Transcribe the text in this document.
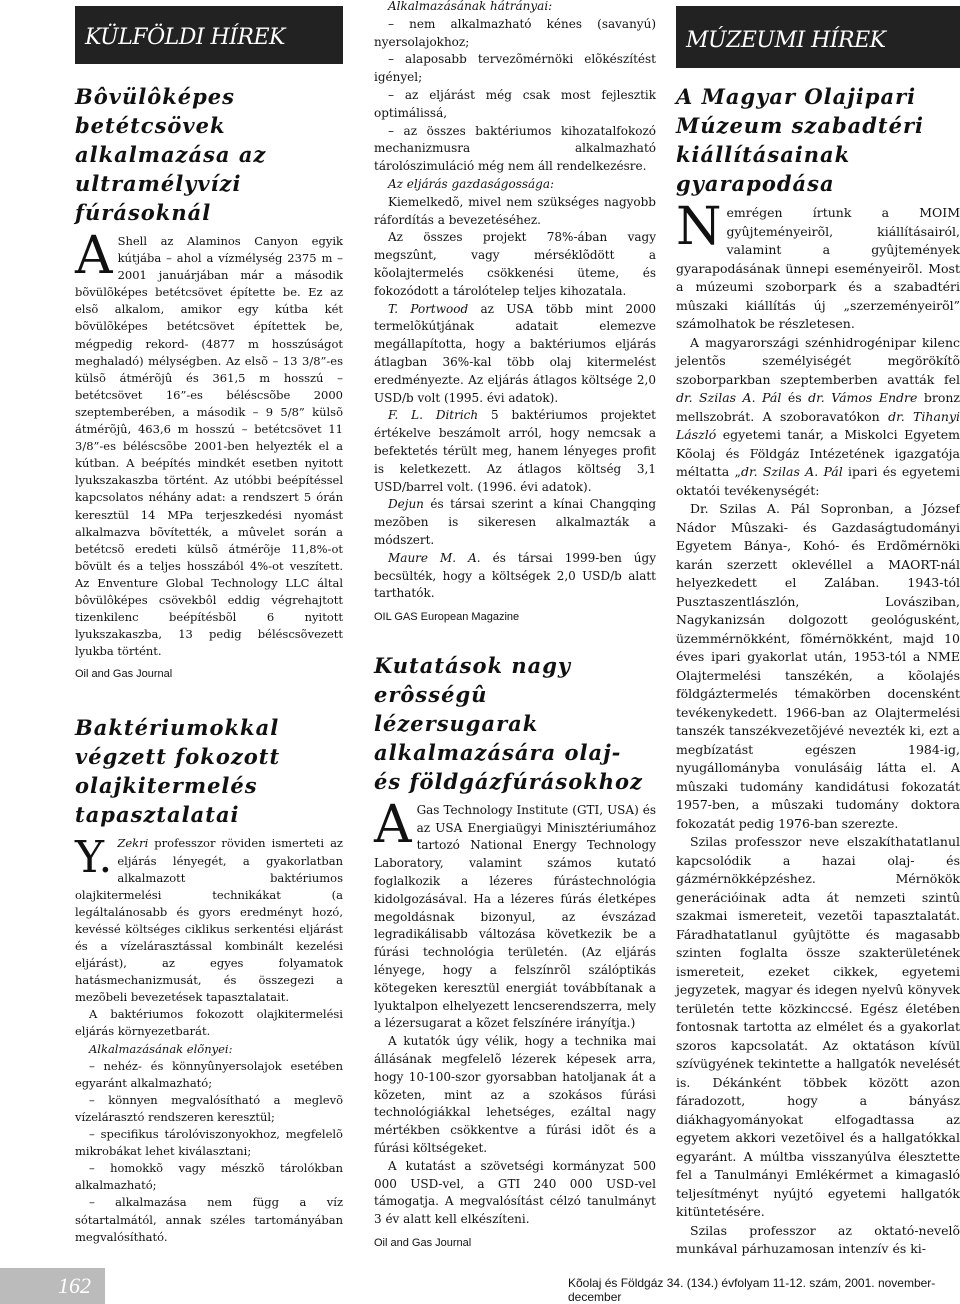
KÜLFÖLDI HÍREK
Bôvülôképes betétcsövek alkalmazása az ultramélyvízi fúrásoknál

A Shell az Alaminos Canyon egyik kútjába – ahol a vízmélység 2375 m – 2001 januárjában már a második bõvülõképes betétcsövet építette be. Ez az elsõ alkalom, amikor egy kútba két bõvülõképes betétcsövet építettek be, mégpedig rekord- (4877 m hosszúságot meghaladó) mélységben. Az elsõ – 13 3/8”-es külsõ átmérõjû és 361,5 m hosszú – betétcsövet 16”-es béléscsõbe 2000 szeptemberében, a második – 9 5/8” külsõ átmérõjû, 463,6 m hosszú – betétcsövet 11 3/8”-es béléscsõbe 2001-ben helyezték el a kútban. A beépítés mindkét esetben nyitott lyukszakaszba történt. Az utóbbi beépítéssel kapcsolatos néhány adat: a rendszert 5 órán keresztül 14 MPa terjeszkedési nyomást alkalmazva bõvítették, a mûvelet során a betétcsõ eredeti külsõ átmérõje 11,8%-ot bõvült és a teljes hosszából 4%-ot veszített. Az Enventure Global Technology LLC által bôvülôképes csövekbôl eddig végrehajtott tizenkilenc beépítésbõl 6 nyitott lyukszakaszba, 13 pedig béléscsõvezett lyukba történt.

Oil and Gas Journal

Baktériumokkal végzett fokozott olajkitermelés tapasztalatai

Y. Zekri professzor röviden ismerteti az eljárás lényegét, a gyakorlatban alkalmazott baktériumos olajkitermelési technikákat (a legáltalánosabb és gyors eredményt hozó, kevéssé költséges ciklikus serkentési eljárást és a vízelárasztással kombinált kezelési eljárást), az egyes folyamatok hatásmechanizmusát, és összegezi a mezõbeli bevezetések tapasztalatait.

A baktériumos fokozott olajkitermelési eljárás környezetbarát.

Alkalmazásának elõnyei:

– nehéz- és könnyûnyersolajok esetében egyaránt alkalmazható;

– könnyen megvalósítható a meglevõ vízelárasztó rendszeren keresztül;

– specifikus tárolóviszonyokhoz, megfelelõ mikrobákat lehet kiválasztani;

– homokkõ vagy mészkõ tárolókban alkalmazható;

– alkalmazása nem függ a víz sótartalmától, annak széles tartományában megvalósítható.

Alkalmazásának hátrányai:

– nem alkalmazható kénes (savanyú) nyersolajokhoz;

– alaposabb tervezõmérnöki elõkészítést igényel;

– az eljárást még csak most fejlesztik optimálissá,

– az összes baktériumos kihozatalfokozó mechanizmusra alkalmazható tárolószimuláció még nem áll rendelkezésre.

Az eljárás gazdaságossága:

Kiemelkedõ, mivel nem szükséges nagyobb ráfordítás a bevezetéséhez.

Az összes projekt 78%-ában vagy megszûnt, vagy mérséklõdött a kõolajtermelés csökkenési üteme, és fokozódott a tárolótelep teljes kihozatala.

T. Portwood az USA több mint 2000 termelõkútjának adatait elemezve megállapította, hogy a baktériumos eljárás átlagban 36%-kal több olaj kitermelést eredményezte. Az eljárás átlagos költsége 2,0 USD/b volt (1995. évi adatok).

F. L. Ditrich 5 baktériumos projektet értékelve beszámolt arról, hogy nemcsak a befektetés térült meg, hanem lényeges profit is keletkezett. Az átlagos költség 3,1 USD/barrel volt. (1996. évi adatok).

Dejun és társai szerint a kínai Changqing mezõben is sikeresen alkalmazták a módszert.

Maure M. A. és társai 1999-ben úgy becsülték, hogy a költségek 2,0 USD/b alatt tarthatók.

OIL GAS European Magazine

Kutatások nagy erôsségû lézersugarak alkalmazására olaj- és földgázfúrásokhoz

A Gas Technology Institute (GTI, USA) és az USA Energiaügyi Minisztériumához tartozó National Energy Technology Laboratory, valamint számos kutató foglalkozik a lézeres fúrástechnológia kidolgozásával. Ha a lézeres fúrás életképes megoldásnak bizonyul, az évszázad legradikálisabb változása következik be a fúrási technológia területén. (Az eljárás lényege, hogy a felszínrõl szálóptikás kötegeken keresztül energiát továbbítanak a lyuktalpon elhelyezett lencserendszerra, mely a lézersugarat a kõzet felszínére irányítja.)

A kutatók úgy vélik, hogy a technika mai állásának megfelelõ lézerek képesek arra, hogy 10-100-szor gyorsabban hatoljanak át a kõzeten, mint az a szokásos fúrási technológiákkal lehetséges, ezáltal nagy mértékben csökkentve a fúrási idõt és a fúrási költségeket.

A kutatást a szövetségi kormányzat 500 000 USD-vel, a GTI 240 000 USD-vel támogatja. A megvalósítást célzó tanulmányt 3 év alatt kell elkészíteni.

Oil and Gas Journal

MÚZEUMI HÍREK
A Magyar Olajipari Múzeum szabadtéri kiállításainak gyarapodása

Nemrégen írtunk a MOIM gyûjteményeirõl, kiállításairól, valamint a gyûjtemények gyarapodásának ünnepi eseményeirõl. Most a múzeumi szoborpark és a szabadtéri mûszaki kiállítás új „szerzeményeirõl” számolhatok be részletesen.

A magyarországi szénhidrogénipar kilenc jelentõs személyiségét megörökítõ szoborparkban szeptemberben avatták fel dr. Szilas A. Pál és dr. Vámos Endre bronz mellszobrát. A szoboravatókon dr. Tihanyi László egyetemi tanár, a Miskolci Egyetem Kõolaj és Földgáz Intézetének igazgatója méltatta „dr. Szilas A. Pál ipari és egyetemi oktatói tevékenységét:

Dr. Szilas A. Pál Sopronban, a József Nádor Mûszaki- és Gazdaságtudományi Egyetem Bánya-, Kohó- és Erdõmérnöki karán szerzett oklevéllel a MAORT-nál helyezkedett el Zalában. 1943-tól Pusztaszentlászlón, Lovásziban, Nagykanizsán dolgozott geológusként, üzemmérnökként, fõmérnökként, majd 10 éves ipari gyakorlat után, 1953-tól a NME Olajtermelési tanszékén, a kõolajés földgáztermelés témakörben docensként tevékenykedett. 1966-ban az Olajtermelési tanszék tanszékvezetõjévé nevezték ki, ezt a megbízatást egészen 1984-ig, nyugállományba vonulásáig látta el. A mûszaki tudomány kandidátusi fokozatát 1957-ben, a mûszaki tudomány doktora fokozatát pedig 1976-ban szerezte.

Szilas professzor neve elszakíthatatlanul kapcsolódik a hazai olaj- és gázmérnökképzéshez. Mérnökök generációinak adta át nemzeti szintû szakmai ismereteit, vezetõi tapasztalatát. Fáradhatatlanul gyûjtötte és magasabb szinten foglalta össze szakterületének ismereteit, ezeket cikkek, egyetemi jegyzetek, magyar és idegen nyelvû könyvek területén tette közkinccsé. Egész életében fontosnak tartotta az elmélet és a gyakorlat szoros kapcsolatát. Az oktatáson kívül szívügyének tekintette a hallgatók nevelését is. Dékánként többek között azon fáradozott, hogy a bányász diákhagyományokat elfogadtassa az egyetem akkori vezetõivel és a hallgatókkal egyaránt. A múltba visszanyúlva élesztette fel a Tanulmányi Emlékérmet a kimagasló teljesítményt nyújtó egyetemi hallgatók kitüntetésére.

Szilas professzor az oktató-nevelõ munkával párhuzamosan intenzív és ki-

162	Kõolaj és Földgáz 34. (134.) évfolyam 11-12. szám, 2001. november-december
